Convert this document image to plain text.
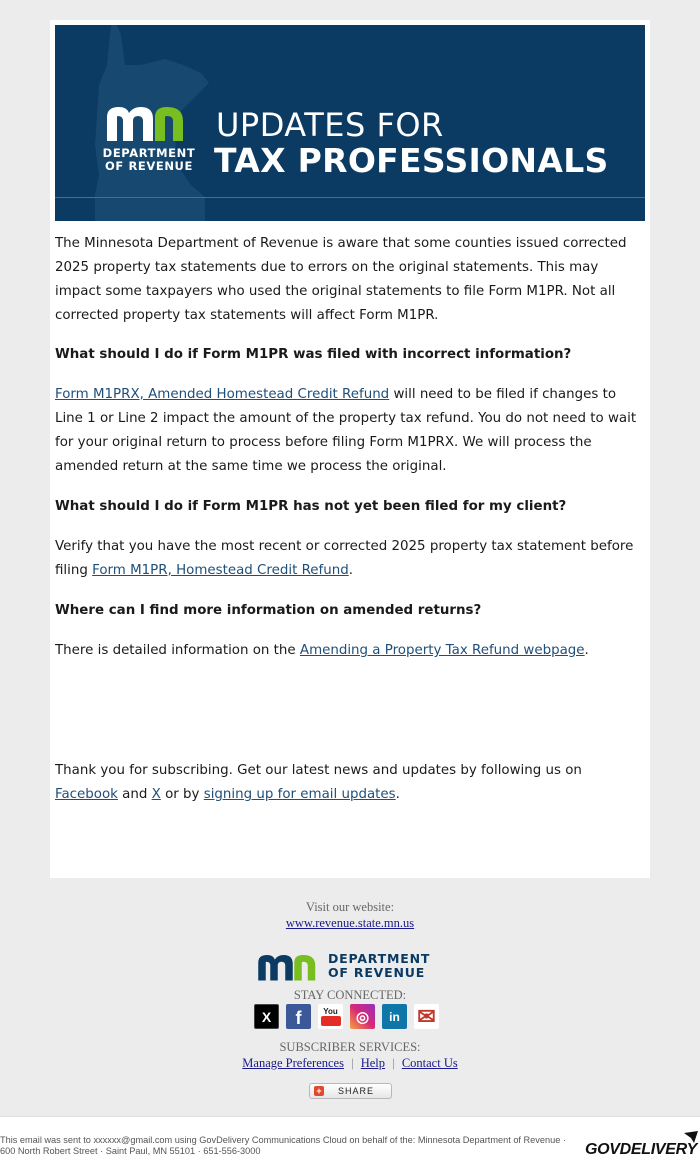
DEPARTMENT
OF REVENUE
UPDATES FOR
TAX PROFESSIONALS

The Minnesota Department of Revenue is aware that some counties issued corrected 2025 property tax statements due to errors on the original statements. This may impact some taxpayers who used the original statements to file Form M1PR. Not all corrected property tax statements will affect Form M1PR.

What should I do if Form M1PR was filed with incorrect information?

Form M1PRX, Amended Homestead Credit Refund will need to be filed if changes to Line 1 or Line 2 impact the amount of the property tax refund. You do not need to wait for your original return to process before filing Form M1PRX. We will process the amended return at the same time we process the original.

What should I do if Form M1PR has not yet been filed for my client?

Verify that you have the most recent or corrected 2025 property tax statement before filing Form M1PR, Homestead Credit Refund.

Where can I find more information on amended returns?

There is detailed information on the Amending a Property Tax Refund webpage.

Thank you for subscribing. Get our latest news and updates by following us on Facebook and X or by signing up for email updates.

Visit our website:
www.revenue.state.mn.us
DEPARTMENT
OF REVENUE
STAY CONNECTED:
X f	You ◎ in ✉
SUBSCRIBER SERVICES:
Manage Preferences | Help | Contact Us
+ SHARE
This email was sent to xxxxxx@gmail.com using GovDelivery Communications Cloud on behalf of the: Minnesota Department of Revenue · 600 North Robert Street · Saint Paul, MN 55101 · 651-556-3000	GOVDELIVERY
